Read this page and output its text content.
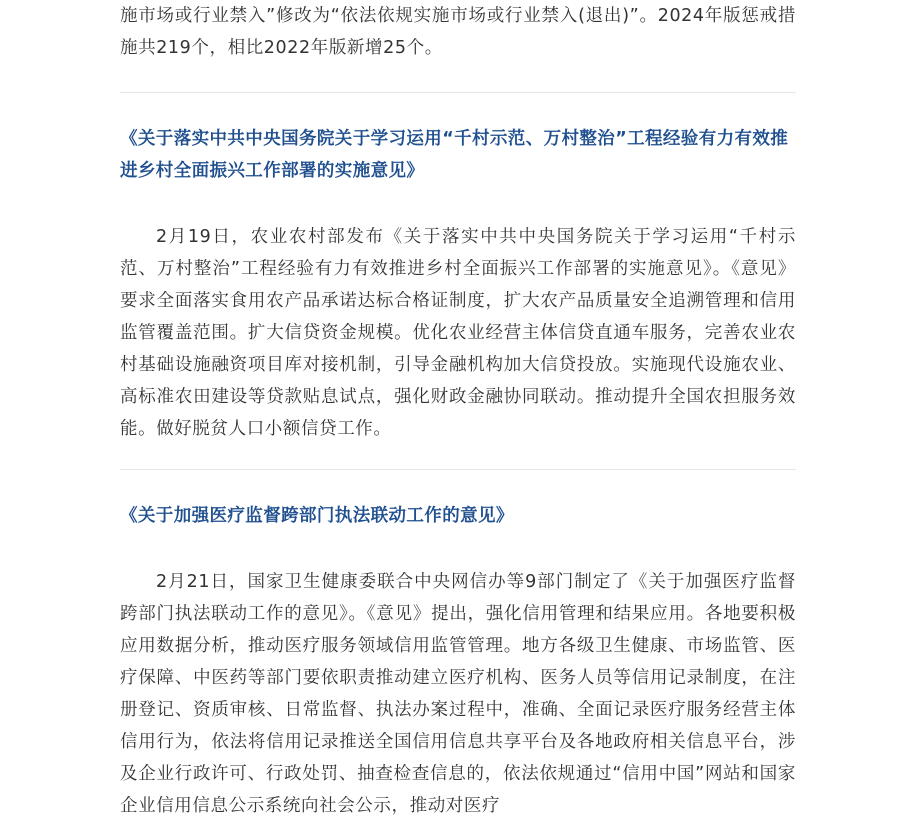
施市场或行业禁入”修改为“依法依规实施市场或行业禁入(退出)”。2024年版惩戒措施共219个，相比2022年版新增25个。

《关于落实中共中央国务院关于学习运用“千村示范、万村整治”工程经验有力有效推进乡村全面振兴工作部署的实施意见》

2月19日，农业农村部发布《关于落实中共中央国务院关于学习运用“千村示范、万村整治”工程经验有力有效推进乡村全面振兴工作部署的实施意见》。《意见》要求全面落实食用农产品承诺达标合格证制度，扩大农产品质量安全追溯管理和信用监管覆盖范围。扩大信贷资金规模。优化农业经营主体信贷直通车服务，完善农业农村基础设施融资项目库对接机制，引导金融机构加大信贷投放。实施现代设施农业、高标准农田建设等贷款贴息试点，强化财政金融协同联动。推动提升全国农担服务效能。做好脱贫人口小额信贷工作。

《关于加强医疗监督跨部门执法联动工作的意见》

2月21日，国家卫生健康委联合中央网信办等9部门制定了《关于加强医疗监督跨部门执法联动工作的意见》。《意见》提出，强化信用管理和结果应用。各地要积极应用数据分析，推动医疗服务领域信用监管管理。地方各级卫生健康、市场监管、医疗保障、中医药等部门要依职责推动建立医疗机构、医务人员等信用记录制度，在注册登记、资质审核、日常监督、执法办案过程中，准确、全面记录医疗服务经营主体信用行为，依法将信用记录推送全国信用信息共享平台及各地政府相关信息平台，涉及企业行政许可、行政处罚、抽查检查信息的，依法依规通过“信用中国”网站和国家企业信用信息公示系统向社会公示，推动对医疗
